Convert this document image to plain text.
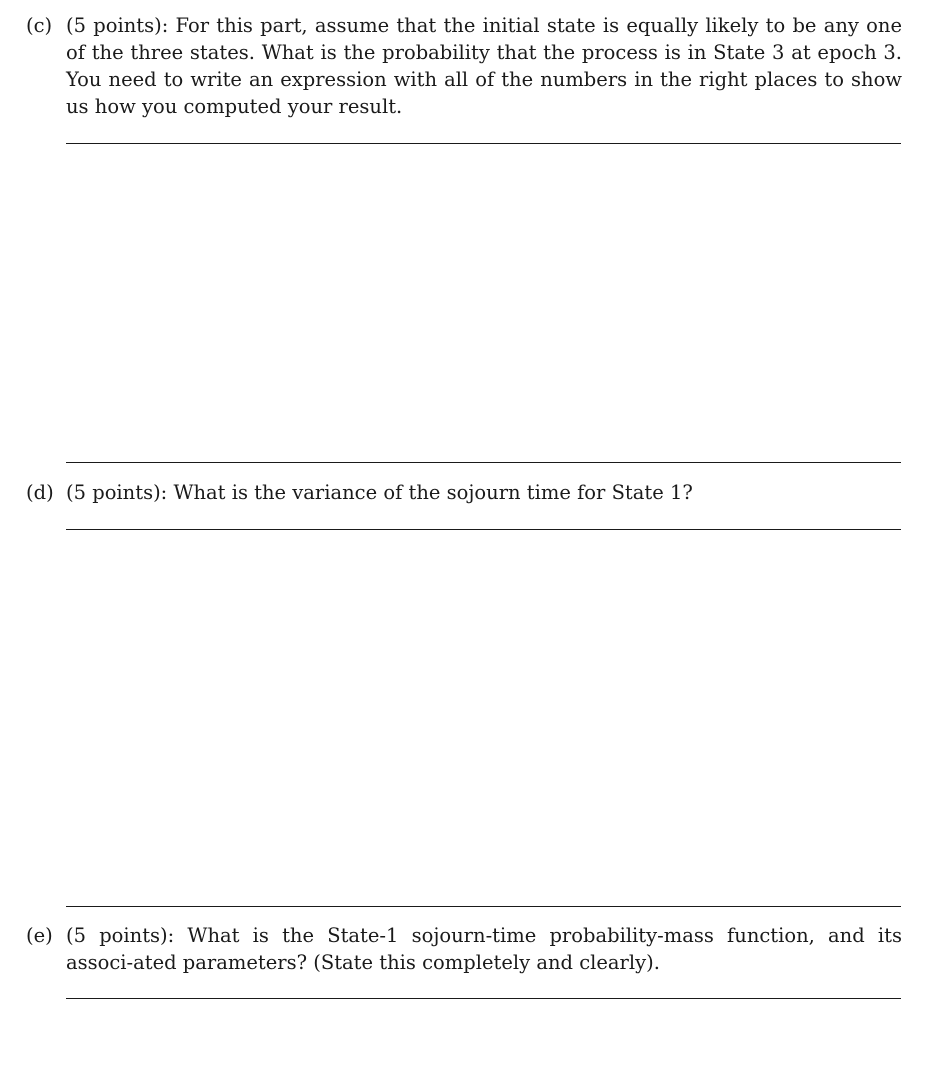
(c) (5 points): For this part, assume that the initial state is equally likely to be any one of the three states. What is the probability that the process is in State 3 at epoch 3. You need to write an expression with all of the numbers in the right places to show us how you computed your result.
(d) (5 points): What is the variance of the sojourn time for State 1?
(e) (5 points): What is the State-1 sojourn-time probability-mass function, and its associ-ated parameters? (State this completely and clearly).
